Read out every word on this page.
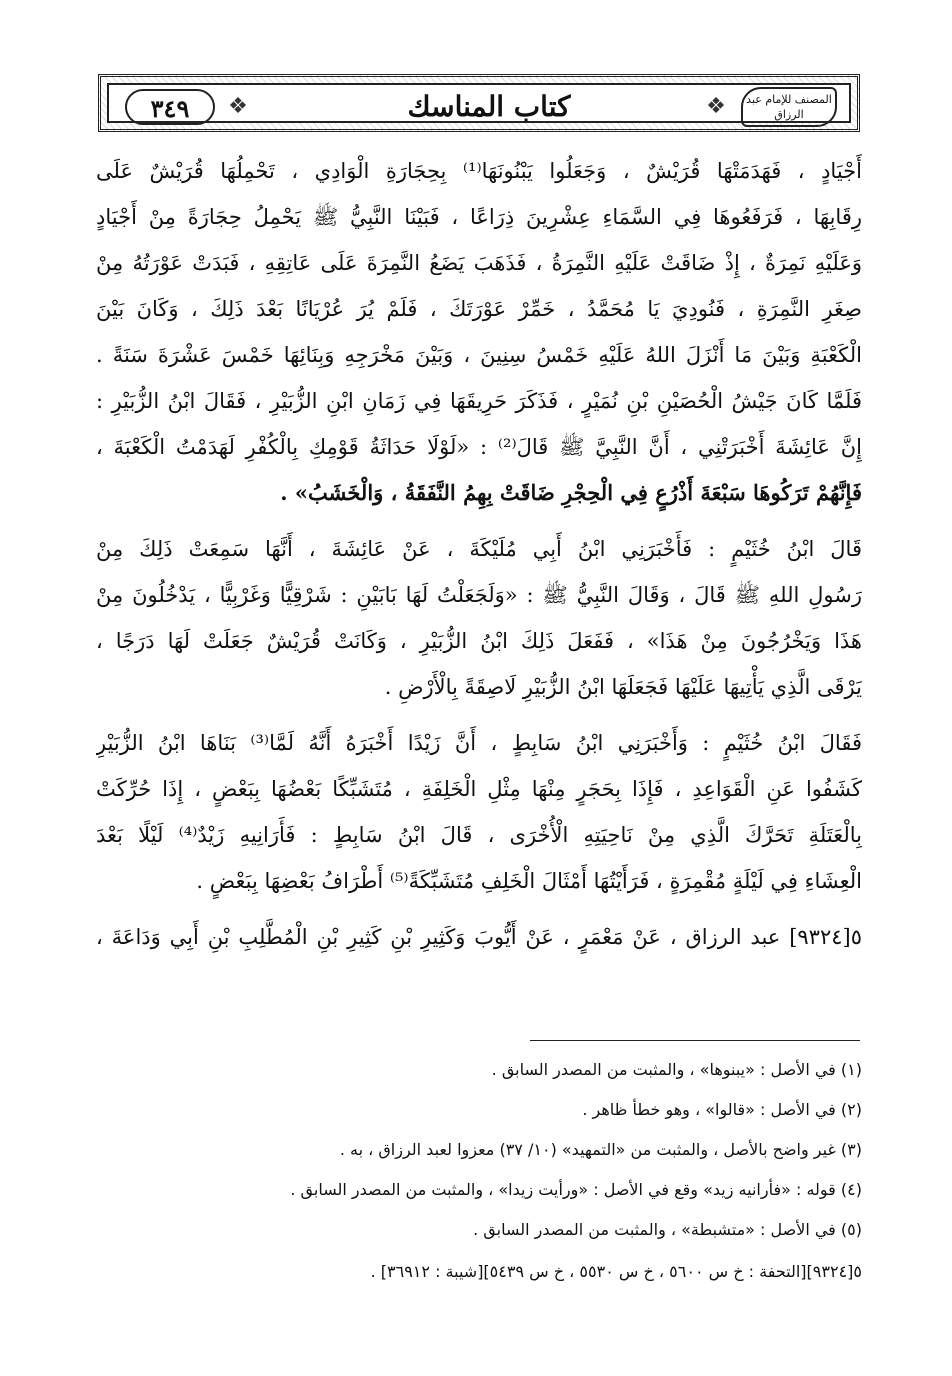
٣٤٩	❖	كتاب المناسك	❖	المصنف للإمام عبد الرزاق
أَجْيَادٍ ، فَهَدَمَتْهَا قُرَيْشٌ ، وَجَعَلُوا يَبْنُونَهَا⁽¹⁾ بِحِجَارَةِ الْوَادِي ، تَحْمِلُهَا قُرَيْشٌ عَلَى
رِقَابِهَا ، فَرَفَعُوهَا فِي السَّمَاءِ عِشْرِينَ ذِرَاعًا ، فَبَيْنَا النَّبِيُّ ﷺ يَحْمِلُ حِجَارَةً مِنْ أَجْيَادٍ
وَعَلَيْهِ نَمِرَةٌ ، إِذْ ضَاقَتْ عَلَيْهِ النَّمِرَةُ ، فَذَهَبَ يَضَعُ النَّمِرَةَ عَلَى عَاتِقِهِ ، فَبَدَتْ عَوْرَتُهُ مِنْ
صِغَرِ النَّمِرَةِ ، فَنُودِيَ يَا مُحَمَّدُ ، خَمِّرْ عَوْرَتَكَ ، فَلَمْ يُرَ عُرْيَانًا بَعْدَ ذَلِكَ ، وَكَانَ بَيْنَ
الْكَعْبَةِ وَبَيْنَ مَا أَنْزَلَ اللهُ عَلَيْهِ خَمْسُ سِنِينَ ، وَبَيْنَ مَخْرَجِهِ وَبِنَائِهَا خَمْسَ عَشْرَةَ سَنَةً .
فَلَمَّا كَانَ جَيْشُ الْحُصَيْنِ بْنِ نُمَيْرٍ ، فَذَكَرَ حَرِيقَهَا فِي زَمَانِ ابْنِ الزُّبَيْرِ ، فَقَالَ ابْنُ الزُّبَيْرِ :
إِنَّ عَائِشَةَ أَخْبَرَتْنِي ، أَنَّ النَّبِيَّ ﷺ قَالَ⁽²⁾ : «لَوْلَا حَدَاثَةُ قَوْمِكِ بِالْكُفْرِ لَهَدَمْتُ الْكَعْبَةَ ،
فَإِنَّهُمْ تَرَكُوهَا سَبْعَةَ أَذْرُعٍ فِي الْحِجْرِ ضَاقَتْ بِهِمُ النَّفَقَةُ ، وَالْخَشَبُ» .
قَالَ ابْنُ خُثَيْمٍ : فَأَخْبَرَنِي ابْنُ أَبِي مُلَيْكَةَ ، عَنْ عَائِشَةَ ، أَنَّهَا سَمِعَتْ ذَلِكَ مِنْ
رَسُولِ اللهِ ﷺ قَالَ ، وَقَالَ النَّبِيُّ ﷺ : «وَلَجَعَلْتُ لَهَا بَابَيْنِ : شَرْقِيًّا وَغَرْبِيًّا ، يَدْخُلُونَ مِنْ
هَذَا وَيَخْرُجُونَ مِنْ هَذَا» ، فَفَعَلَ ذَلِكَ ابْنُ الزُّبَيْرِ ، وَكَانَتْ قُرَيْشٌ جَعَلَتْ لَهَا دَرَجًا ،
يَرْقَى الَّذِي يَأْتِيهَا عَلَيْهَا فَجَعَلَهَا ابْنُ الزُّبَيْرِ لَاصِقَةً بِالْأَرْضِ .
فَقَالَ ابْنُ خُثَيْمٍ : وَأَخْبَرَنِي ابْنُ سَابِطٍ ، أَنَّ زَيْدًا أَخْبَرَهُ أَنَّهُ لَمَّا⁽³⁾ بَنَاهَا ابْنُ الزُّبَيْرِ
كَشَفُوا عَنِ الْقَوَاعِدِ ، فَإِذَا بِحَجَرٍ مِنْهَا مِثْلِ الْخَلِفَةِ ، مُتَشَبِّكًا بَعْضُهَا بِبَعْضٍ ، إِذَا حُرِّكَتْ
بِالْعَتَلَةِ تَحَرَّكَ الَّذِي مِنْ نَاحِيَتِهِ الْأُخْرَى ، قَالَ ابْنُ سَابِطٍ : فَأَرَانِيهِ زَيْدٌ⁽⁴⁾ لَيْلًا بَعْدَ
الْعِشَاءِ فِي لَيْلَةٍ مُقْمِرَةٍ ، فَرَأَيْتُهَا أَمْثَالَ الْخَلِفِ مُتَشَبِّكَةً⁽⁵⁾ أَطْرَافُ بَعْضِهَا بِبَعْضٍ .
٥[٩٣٢٤] عبد الرزاق ، عَنْ مَعْمَرٍ ، عَنْ أَيُّوبَ وَكَثِيرِ بْنِ كَثِيرِ بْنِ الْمُطَّلِبِ بْنِ أَبِي وَدَاعَةَ ،
(١) في الأصل : «يبنوها» ، والمثبت من المصدر السابق .
(٢) في الأصل : «قالوا» ، وهو خطأ ظاهر .
(٣) غير واضح بالأصل ، والمثبت من «التمهيد» (١٠/ ٣٧) معزوا لعبد الرزاق ، به .
(٤) قوله : «فأرانيه زيد» وقع في الأصل : «ورأيت زيدا» ، والمثبت من المصدر السابق .
(٥) في الأصل : «متشبطة» ، والمثبت من المصدر السابق .
٥[٩٣٢٤][التحفة : خ س ٥٦٠٠ ، خ س ٥٥٣٠ ، خ س ٥٤٣٩][شيبة : ٣٦٩١٢] .
